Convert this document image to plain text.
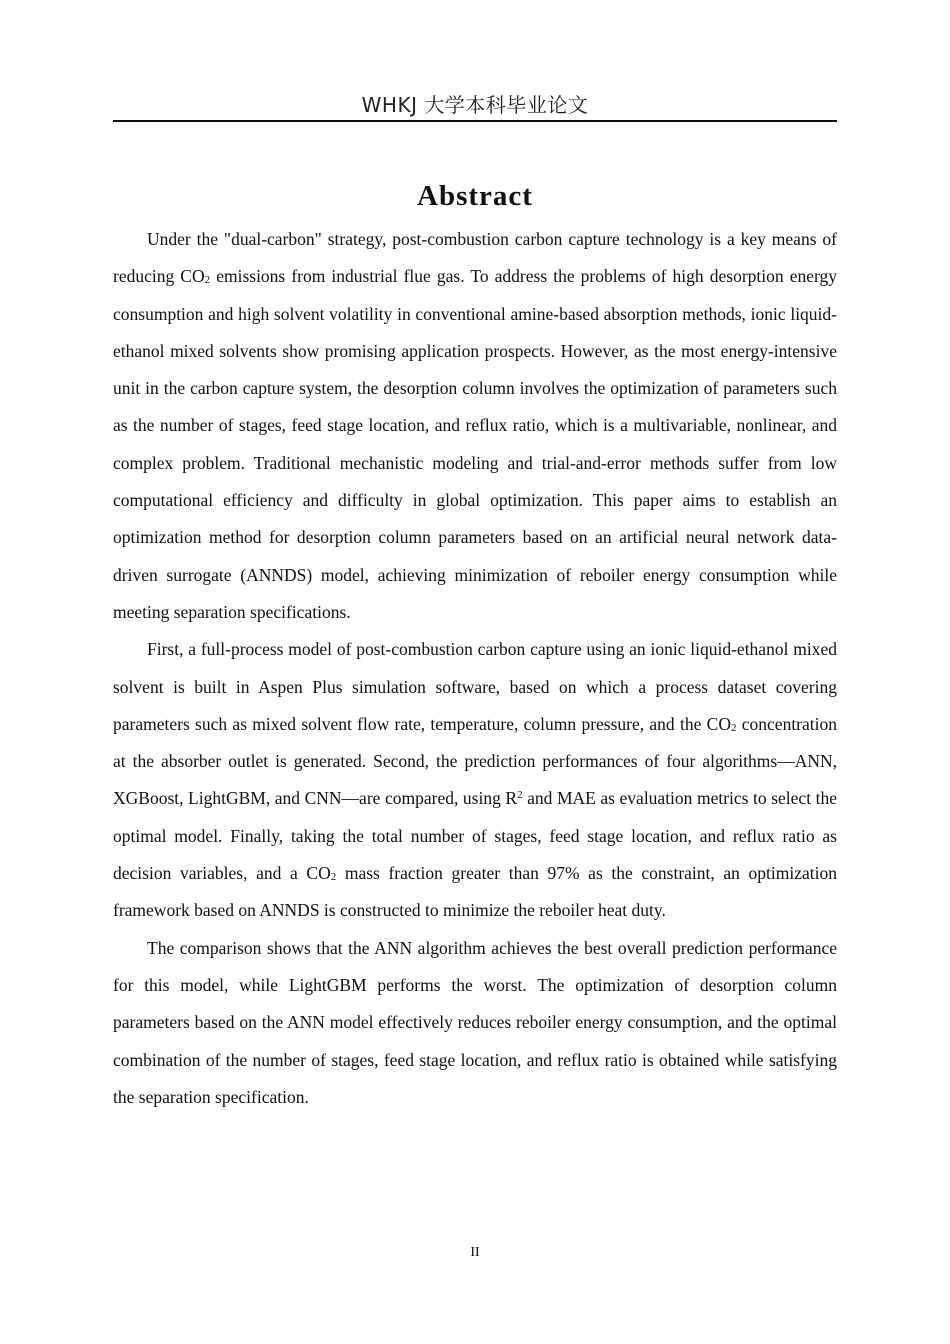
WHKJ 大学本科毕业论文
Abstract

Under the "dual-carbon" strategy, post-combustion carbon capture technology is a key means of reducing $CO_2$ emissions from industrial flue gas. To address the problems of high desorption energy consumption and high solvent volatility in conventional amine-based absorption methods, ionic liquid-ethanol mixed solvents show promising application prospects. However, as the most energy-intensive unit in the carbon capture system, the desorption column involves the optimization of parameters such as the number of stages, feed stage location, and reflux ratio, which is a multivariable, nonlinear, and complex problem. Traditional mechanistic modeling and trial-and-error methods suffer from low computational efficiency and difficulty in global optimization. This paper aims to establish an optimization method for desorption column parameters based on an artificial neural network data-driven surrogate (ANNDS) model, achieving minimization of reboiler energy consumption while meeting separation specifications.

First, a full-process model of post-combustion carbon capture using an ionic liquid-ethanol mixed solvent is built in Aspen Plus simulation software, based on which a process dataset covering parameters such as mixed solvent flow rate, temperature, column pressure, and the $CO_2$ concentration at the absorber outlet is generated. Second, the prediction performances of four algorithms—ANN, XGBoost, LightGBM, and CNN—are compared, using $R^2$ and MAE as evaluation metrics to select the optimal model. Finally, taking the total number of stages, feed stage location, and reflux ratio as decision variables, and a $CO_2$ mass fraction greater than 97% as the constraint, an optimization framework based on ANNDS is constructed to minimize the reboiler heat duty.

The comparison shows that the ANN algorithm achieves the best overall prediction performance for this model, while LightGBM performs the worst. The optimization of desorption column parameters based on the ANN model effectively reduces reboiler energy consumption, and the optimal combination of the number of stages, feed stage location, and reflux ratio is obtained while satisfying the separation specification.

II
